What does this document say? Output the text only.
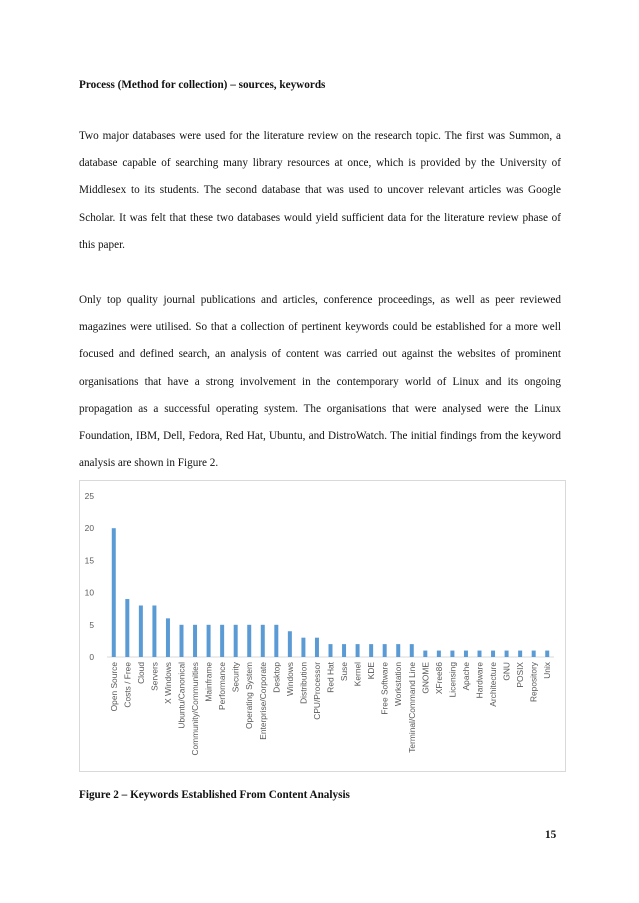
Process (Method for collection) – sources, keywords

Two major databases were used for the literature review on the research topic. The first was Summon, a database capable of searching many library resources at once, which is provided by the University of Middlesex to its students. The second database that was used to uncover relevant articles was Google Scholar. It was felt that these two databases would yield sufficient data for the literature review phase of this paper.

Only top quality journal publications and articles, conference proceedings, as well as peer reviewed magazines were utilised. So that a collection of pertinent keywords could be established for a more well focused and defined search, an analysis of content was carried out against the websites of prominent organisations that have a strong involvement in the contemporary world of Linux and its ongoing propagation as a successful operating system. The organisations that were analysed were the Linux Foundation, IBM, Dell, Fedora, Red Hat, Ubuntu, and DistroWatch. The initial findings from the keyword analysis are shown in Figure 2.

0
5
10
15
20
25
Open Source Costs / Free Cloud Servers X Windows Ubuntu/Canonical Community/Communities Mainframe Performance Security Operating System Enterprise/Corporate Desktop Windows Distribution CPU/Processor Red Hat Suse Kernel KDE Free Software Workstation Terminal/Command Line GNOME XFree86 Licensing Apache Hardware Architecture GNU POSIX Repository Unix

Figure 2 – Keywords Established From Content Analysis

15
